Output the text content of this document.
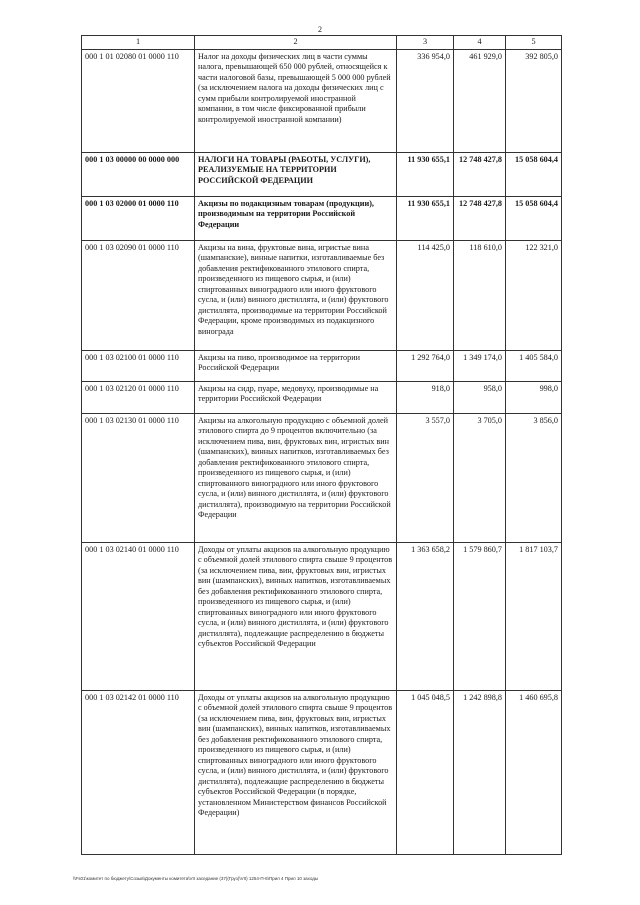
2
1	2	3	4	5
000 1 01 02080 01 0000 110	Налог на доходы физических лиц в части суммы налога, превышающей 650 000 рублей, относящейся к части налоговой базы, превышающей 5 000 000 рублей (за исключением налога на доходы физических лиц с сумм прибыли контролируемой иностранной компании, в том числе фиксированной прибыли контролируемой иностранной компании)	336 954,0	461 929,0	392 805,0
000 1 03 00000 00 0000 000	НАЛОГИ НА ТОВАРЫ (РАБОТЫ, УСЛУГИ), РЕАЛИЗУЕМЫЕ НА ТЕРРИТОРИИ РОССИЙСКОЙ ФЕДЕРАЦИИ	11 930 655,1	12 748 427,8	15 058 604,4
000 1 03 02000 01 0000 110	Акцизы по подакцизным товарам (продукции), производимым на территории Российской Федерации	11 930 655,1	12 748 427,8	15 058 604,4
000 1 03 02090 01 0000 110	Акцизы на вина, фруктовые вина, игристые вина (шампанские), винные напитки, изготавливаемые без добавления ректификованного этилового спирта, произведенного из пищевого сырья, и (или) спиртованных виноградного или иного фруктового сусла, и (или) винного дистиллята, и (или) фруктового дистиллята, производимые на территории Российской Федерации, кроме производимых из подакцизного винограда	114 425,0	118 610,0	122 321,0
000 1 03 02100 01 0000 110	Акцизы на пиво, производимое на территории Российской Федерации	1 292 764,0	1 349 174,0	1 405 584,0
000 1 03 02120 01 0000 110	Акцизы на сидр, пуаре, медовуху, производимые на территории Российской Федерации	918,0	958,0	998,0
000 1 03 02130 01 0000 110	Акцизы на алкогольную продукцию с объемной долей этилового спирта до 9 процентов включительно (за исключением пива, вин, фруктовых вин, игристых вин (шампанских), винных напитков, изготавливаемых без добавления ректификованного этилового спирта, произведенного из пищевого сырья, и (или) спиртованного виноградного или иного фруктового сусла, и (или) винного дистиллята, и (или) фруктового дистиллята), производимую на территории Российской Федерации	3 557,0	3 705,0	3 856,0
000 1 03 02140 01 0000 110	Доходы от уплаты акцизов на алкогольную продукцию с объемной долей этилового спирта свыше 9 процентов (за исключением пива, вин, фруктовых вин, игристых вин (шампанских), винных напитков, изготавливаемых без добавления ректификованного этилового спирта, произведенного из пищевого сырья, и (или) спиртованных виноградного или иного фруктового сусла, и (или) винного дистиллята, и (или) фруктового дистиллята), подлежащие распределению в бюджеты субъектов Российской Федерации	1 363 658,2	1 579 860,7	1 817 103,7
000 1 03 02142 01 0000 110	Доходы от уплаты акцизов на алкогольную продукцию с объемной долей этилового спирта свыше 9 процентов (за исключением пива, вин, фруктовых вин, игристых вин (шампанских), винных напитков, изготавливаемых без добавления ректификованного этилового спирта, произведенного из пищевого сырья, и (или) спиртованных виноградного или иного фруктового сусла, и (или) винного дистиллята, и (или) фруктового дистиллята), подлежащие распределению в бюджеты субъектов Российской Федерации (в порядке, установленном Министерством финансов Российской Федерации)	1 045 048,5	1 242 898,8	1 460 695,8
\\Fs01\комитет по бюджету\Созыв\Документы комитета\VII заседание (37)(Груз)\VII) 1254-П-6\Прил 4 Прил 10 заходы
